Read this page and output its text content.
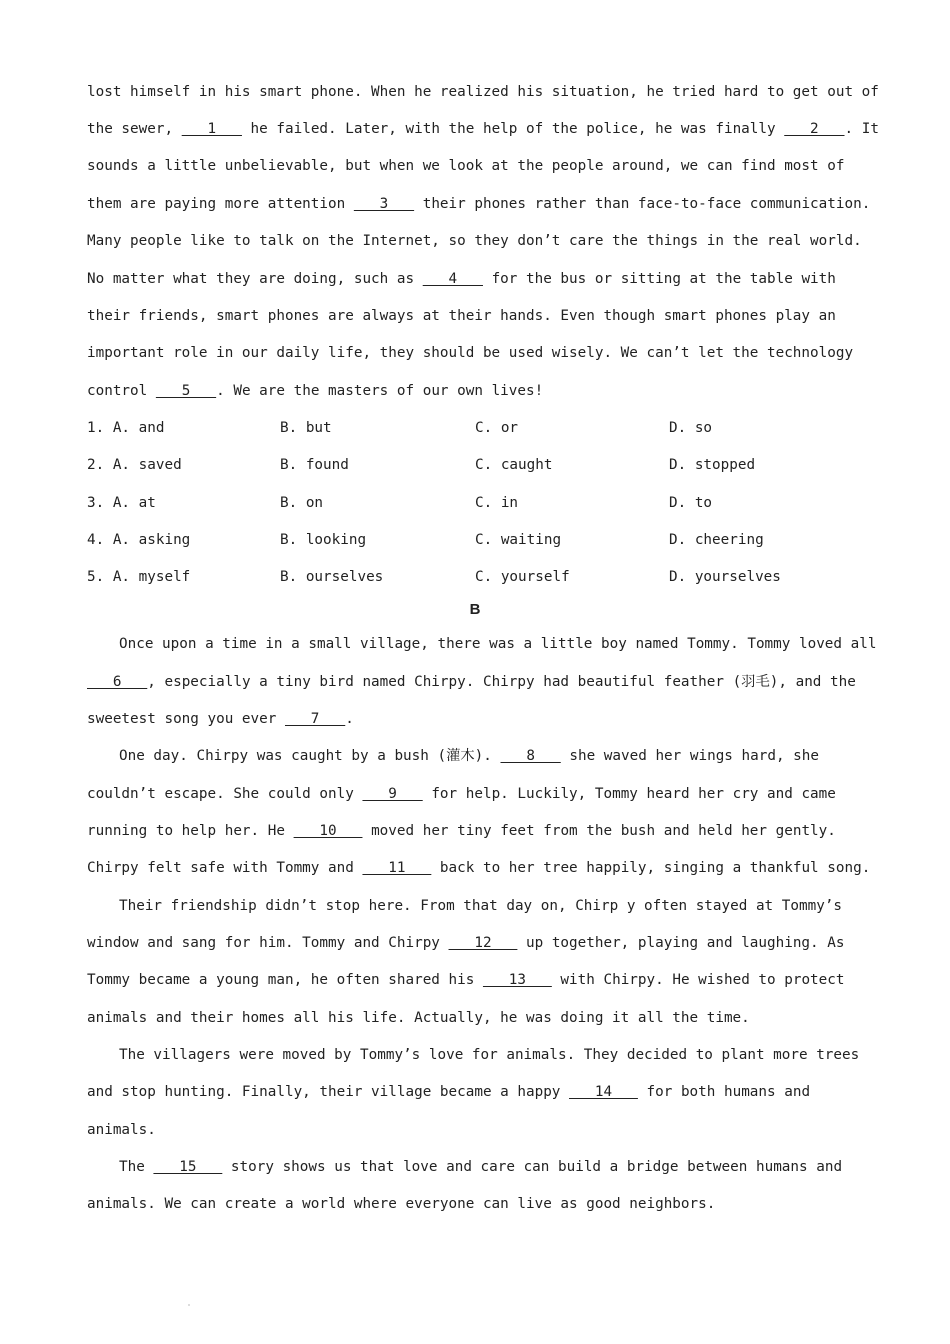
lost himself in his smart phone. When he realized his situation, he tried hard to get out of

the sewer,    1    he failed. Later, with the help of the police, he was finally    2   . It

sounds a little unbelievable, but when we look at the people around, we can find most of

them are paying more attention    3    their phones rather than face-to-face communication.

Many people like to talk on the Internet, so they don’t care the things in the real world.

No matter what they are doing, such as    4    for the bus or sitting at the table with

their friends, smart phones are always at their hands. Even though smart phones play an

important role in our daily life, they should be used wisely. We can’t let the technology

control    5   . We are the masters of our own lives!

1. A. and	B. but	C. or	D. so
2. A. saved	B. found	C. caught	D. stopped
3. A. at	B. on	C. in	D. to
4. A. asking	B. looking	C. waiting	D. cheering
5. A. myself	B. ourselves	C. yourself	D. yourselves
B

Once upon a time in a small village, there was a little boy named Tommy. Tommy loved all

6   , especially a tiny bird named Chirpy. Chirpy had beautiful feather (羽毛), and the

sweetest song you ever    7   .

One day. Chirpy was caught by a bush (灌木).    8    she waved her wings hard, she

couldn’t escape. She could only    9    for help. Luckily, Tommy heard her cry and came

running to help her. He    10    moved her tiny feet from the bush and held her gently.

Chirpy felt safe with Tommy and    11    back to her tree happily, singing a thankful song.

Their friendship didn’t stop here. From that day on, Chirp y often stayed at Tommy’s

window and sang for him. Tommy and Chirpy    12    up together, playing and laughing. As

Tommy became a young man, he often shared his    13    with Chirpy. He wished to protect

animals and their homes all his life. Actually, he was doing it all the time.

The villagers were moved by Tommy’s love for animals. They decided to plant more trees

and stop hunting. Finally, their village became a happy    14    for both humans and

animals.

The    15    story shows us that love and care can build a bridge between humans and

animals. We can create a world where everyone can live as good neighbors.
